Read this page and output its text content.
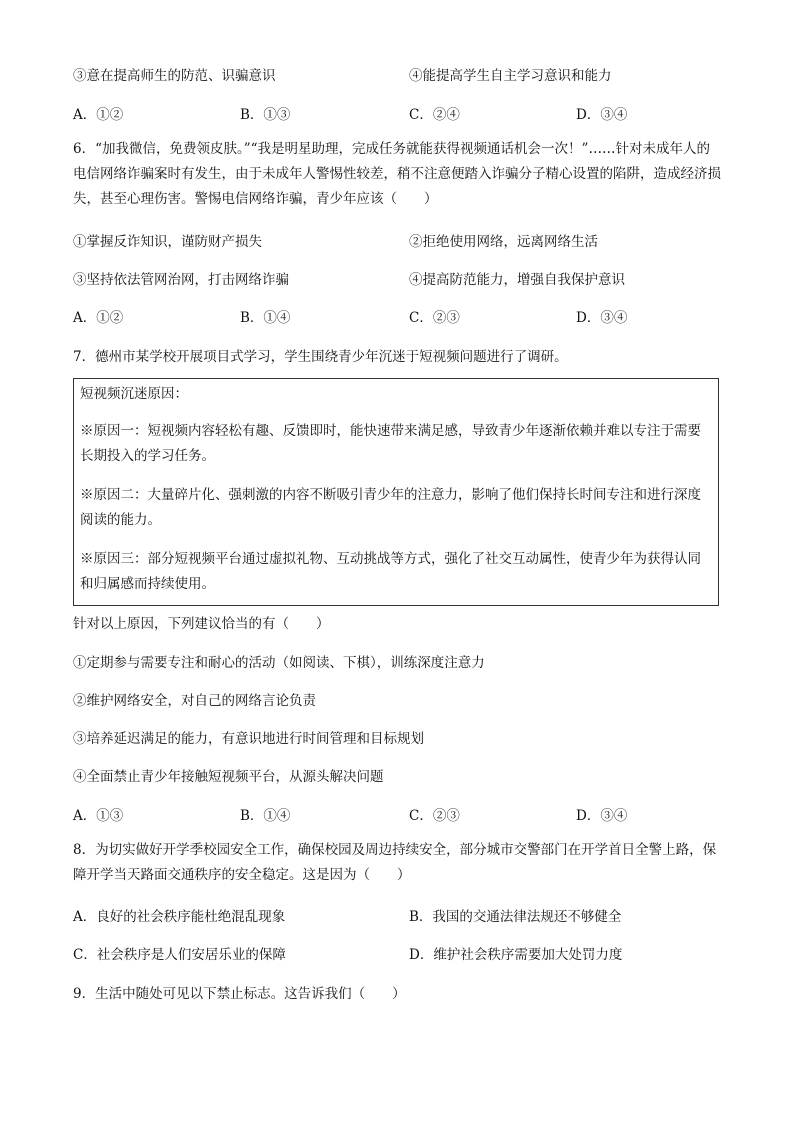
③意在提高师生的防范、识骗意识	④能提高学生自主学习意识和能力
A．①②	B．①③	C．②④	D．③④
6．“加我微信，免费领皮肤。”“我是明星助理，完成任务就能获得视频通话机会一次！”……针对未成年人的电信网络诈骗案时有发生，由于未成年人警惕性较差，稍不注意便踏入诈骗分子精心设置的陷阱，造成经济损失，甚至心理伤害。警惕电信网络诈骗，青少年应该（　　）
①掌握反诈知识，谨防财产损失	②拒绝使用网络，远离网络生活
③坚持依法管网治网，打击网络诈骗	④提高防范能力，增强自我保护意识
A．①②	B．①④	C．②③	D．③④
7．德州市某学校开展项目式学习，学生围绕青少年沉迷于短视频问题进行了调研。
短视频沉迷原因：
※原因一：短视频内容轻松有趣、反馈即时，能快速带来满足感，导致青少年逐渐依赖并难以专注于需要长期投入的学习任务。
※原因二：大量碎片化、强刺激的内容不断吸引青少年的注意力，影响了他们保持长时间专注和进行深度阅读的能力。
※原因三：部分短视频平台通过虚拟礼物、互动挑战等方式，强化了社交互动属性，使青少年为获得认同和归属感而持续使用。
针对以上原因，下列建议恰当的有（　　）
①定期参与需要专注和耐心的活动（如阅读、下棋），训练深度注意力
②维护网络安全，对自己的网络言论负责
③培养延迟满足的能力，有意识地进行时间管理和目标规划
④全面禁止青少年接触短视频平台，从源头解决问题
A．①③	B．①④	C．②③	D．③④
8．为切实做好开学季校园安全工作，确保校园及周边持续安全，部分城市交警部门在开学首日全警上路，保障开学当天路面交通秩序的安全稳定。这是因为（　　）
A．良好的社会秩序能杜绝混乱现象	B．我国的交通法律法规还不够健全
C．社会秩序是人们安居乐业的保障	D．维护社会秩序需要加大处罚力度
9．生活中随处可见以下禁止标志。这告诉我们（　　）
